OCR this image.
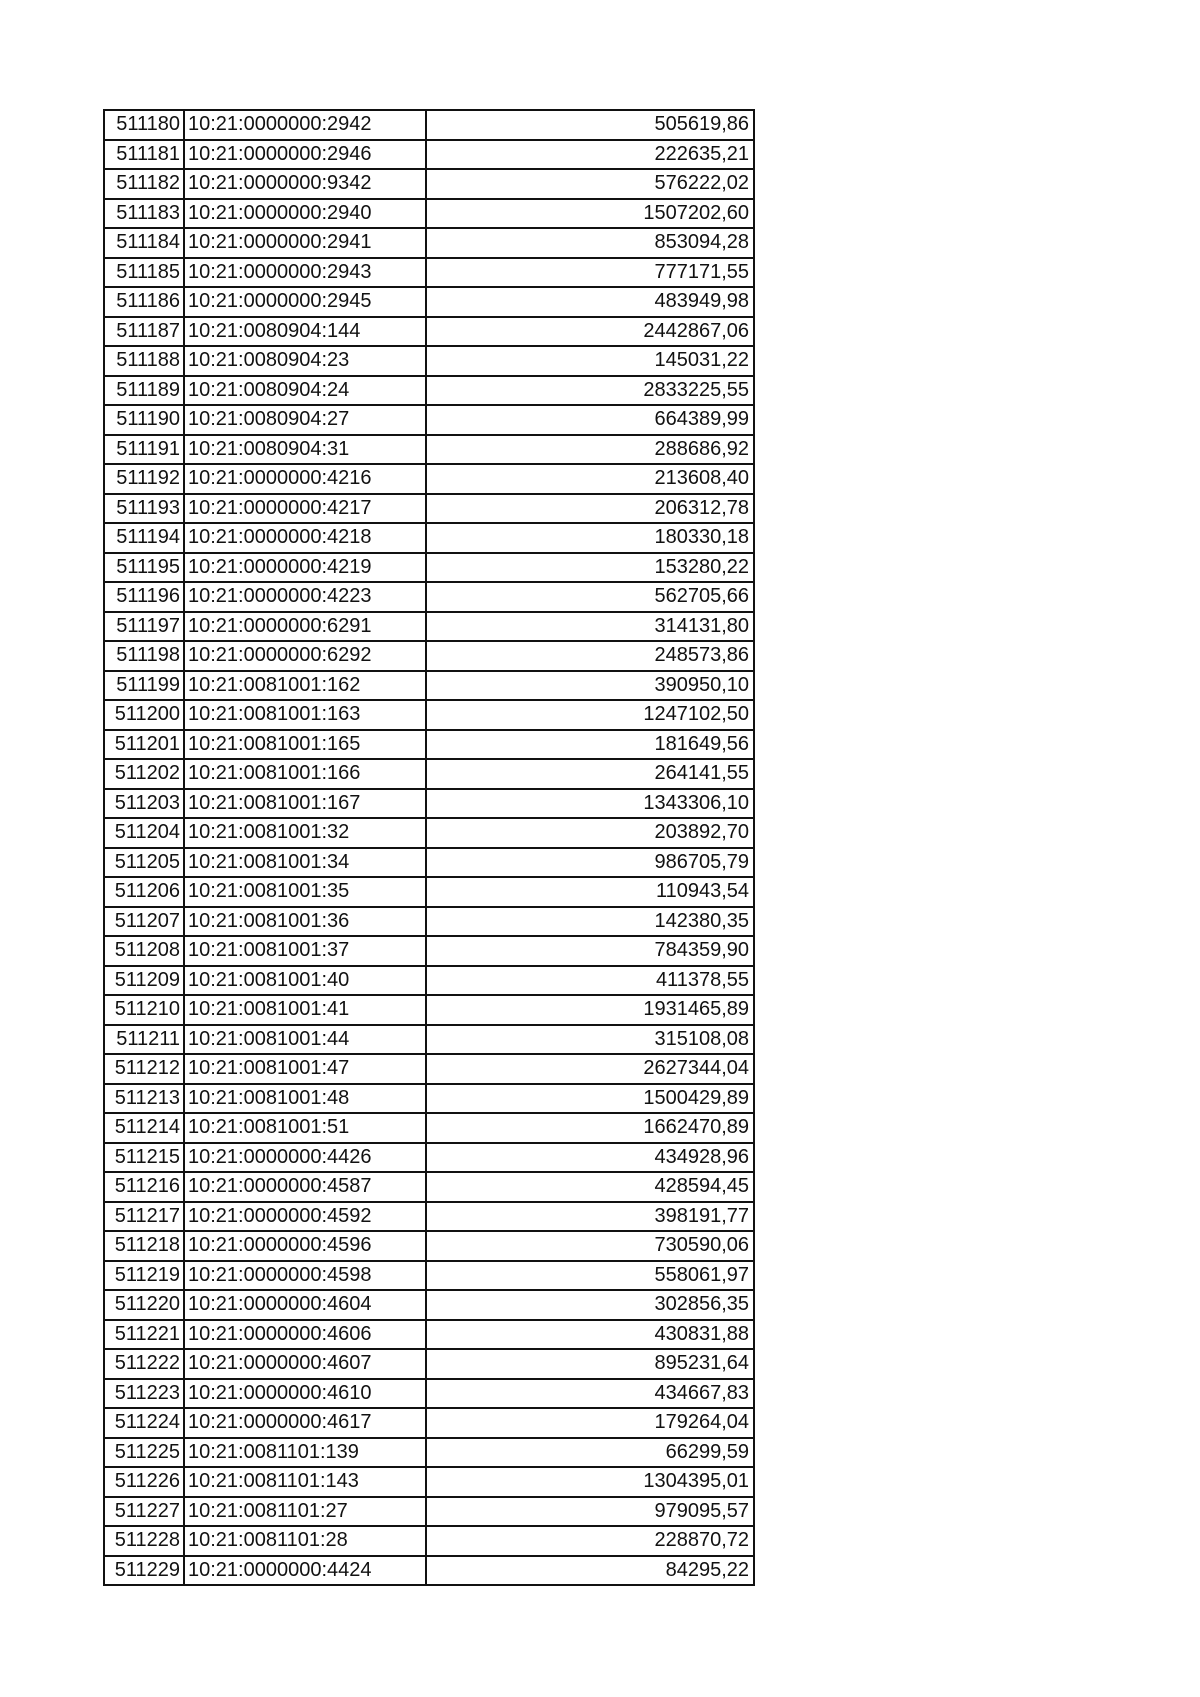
511180	10:21:0000000:2942	505619,86
511181	10:21:0000000:2946	222635,21
511182	10:21:0000000:9342	576222,02
511183	10:21:0000000:2940	1507202,60
511184	10:21:0000000:2941	853094,28
511185	10:21:0000000:2943	777171,55
511186	10:21:0000000:2945	483949,98
511187	10:21:0080904:144	2442867,06
511188	10:21:0080904:23	145031,22
511189	10:21:0080904:24	2833225,55
511190	10:21:0080904:27	664389,99
511191	10:21:0080904:31	288686,92
511192	10:21:0000000:4216	213608,40
511193	10:21:0000000:4217	206312,78
511194	10:21:0000000:4218	180330,18
511195	10:21:0000000:4219	153280,22
511196	10:21:0000000:4223	562705,66
511197	10:21:0000000:6291	314131,80
511198	10:21:0000000:6292	248573,86
511199	10:21:0081001:162	390950,10
511200	10:21:0081001:163	1247102,50
511201	10:21:0081001:165	181649,56
511202	10:21:0081001:166	264141,55
511203	10:21:0081001:167	1343306,10
511204	10:21:0081001:32	203892,70
511205	10:21:0081001:34	986705,79
511206	10:21:0081001:35	110943,54
511207	10:21:0081001:36	142380,35
511208	10:21:0081001:37	784359,90
511209	10:21:0081001:40	411378,55
511210	10:21:0081001:41	1931465,89
511211	10:21:0081001:44	315108,08
511212	10:21:0081001:47	2627344,04
511213	10:21:0081001:48	1500429,89
511214	10:21:0081001:51	1662470,89
511215	10:21:0000000:4426	434928,96
511216	10:21:0000000:4587	428594,45
511217	10:21:0000000:4592	398191,77
511218	10:21:0000000:4596	730590,06
511219	10:21:0000000:4598	558061,97
511220	10:21:0000000:4604	302856,35
511221	10:21:0000000:4606	430831,88
511222	10:21:0000000:4607	895231,64
511223	10:21:0000000:4610	434667,83
511224	10:21:0000000:4617	179264,04
511225	10:21:0081101:139	66299,59
511226	10:21:0081101:143	1304395,01
511227	10:21:0081101:27	979095,57
511228	10:21:0081101:28	228870,72
511229	10:21:0000000:4424	84295,22
